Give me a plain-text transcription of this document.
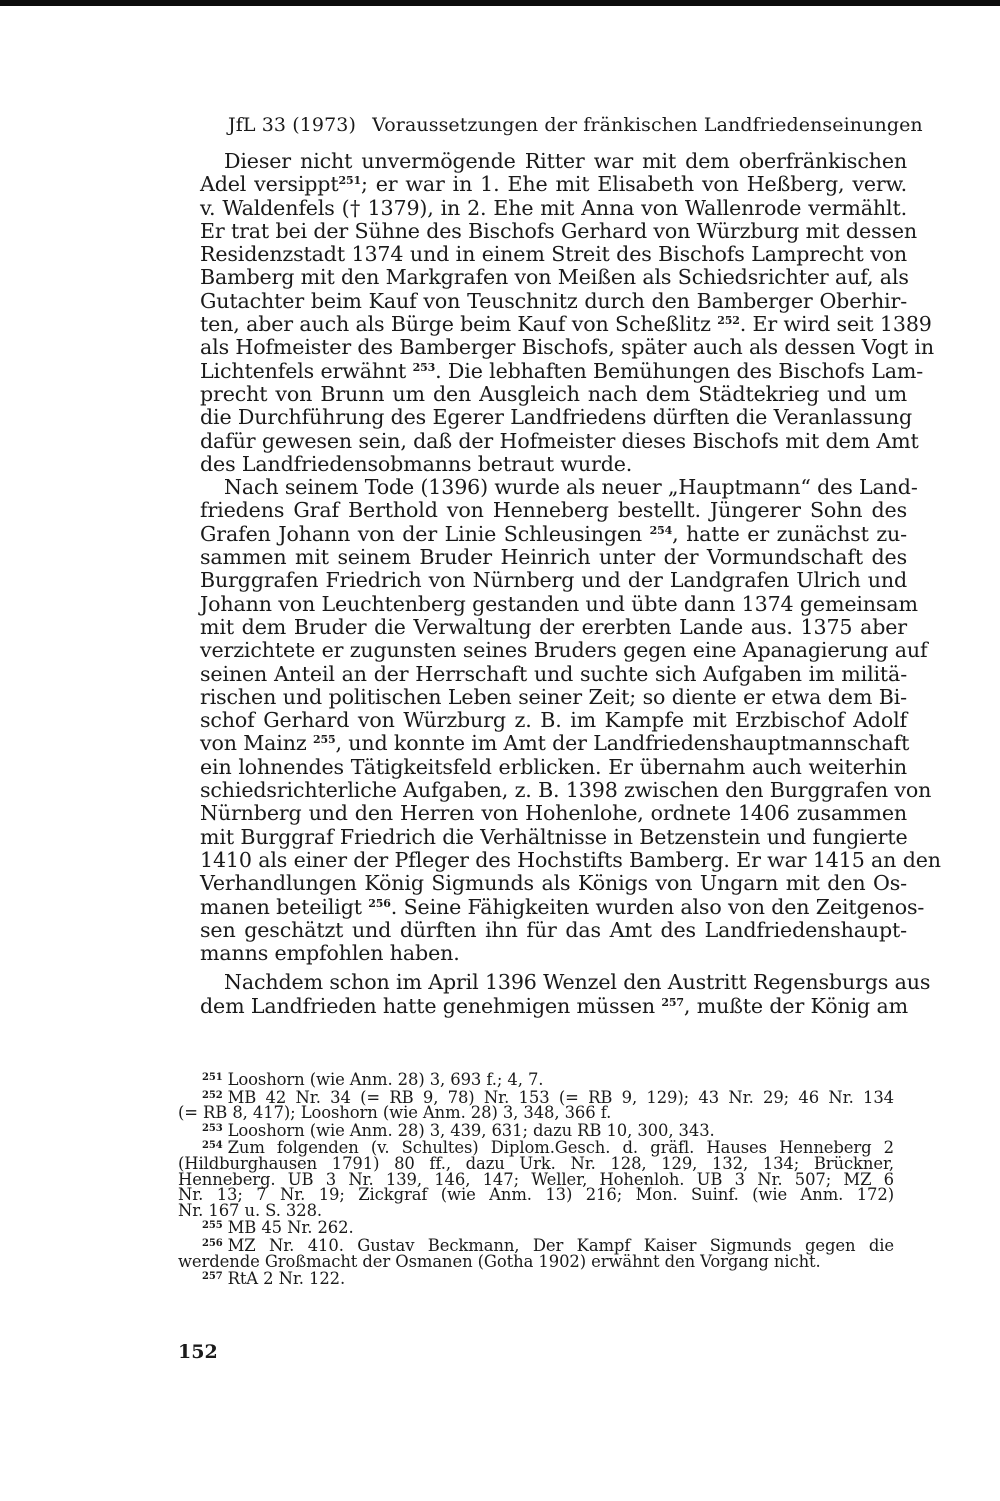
JfL 33 (1973) Voraussetzungen der fränkischen Landfriedenseinungen
Dieser nicht unvermögende Ritter war mit dem oberfränkischen
Adel versippt$^{251}$; er war in 1. Ehe mit Elisabeth von Heßberg, verw.
v. Waldenfels († 1379), in 2. Ehe mit Anna von Wallenrode vermählt.
Er trat bei der Sühne des Bischofs Gerhard von Würzburg mit dessen
Residenzstadt 1374 und in einem Streit des Bischofs Lamprecht von
Bamberg mit den Markgrafen von Meißen als Schiedsrichter auf, als
Gutachter beim Kauf von Teuschnitz durch den Bamberger Oberhir-
ten, aber auch als Bürge beim Kauf von Scheßlitz $^{252}$. Er wird seit 1389
als Hofmeister des Bamberger Bischofs, später auch als dessen Vogt in
Lichtenfels erwähnt $^{253}$. Die lebhaften Bemühungen des Bischofs Lam-
precht von Brunn um den Ausgleich nach dem Städtekrieg und um
die Durchführung des Egerer Landfriedens dürften die Veranlassung
dafür gewesen sein, daß der Hofmeister dieses Bischofs mit dem Amt
des Landfriedensobmanns betraut wurde.
Nach seinem Tode (1396) wurde als neuer „Hauptmann“ des Land-
friedens Graf Berthold von Henneberg bestellt. Jüngerer Sohn des
Grafen Johann von der Linie Schleusingen $^{254}$, hatte er zunächst zu-
sammen mit seinem Bruder Heinrich unter der Vormundschaft des
Burggrafen Friedrich von Nürnberg und der Landgrafen Ulrich und
Johann von Leuchtenberg gestanden und übte dann 1374 gemeinsam
mit dem Bruder die Verwaltung der ererbten Lande aus. 1375 aber
verzichtete er zugunsten seines Bruders gegen eine Apanagierung auf
seinen Anteil an der Herrschaft und suchte sich Aufgaben im militä-
rischen und politischen Leben seiner Zeit; so diente er etwa dem Bi-
schof Gerhard von Würzburg z. B. im Kampfe mit Erzbischof Adolf
von Mainz $^{255}$, und konnte im Amt der Landfriedenshauptmannschaft
ein lohnendes Tätigkeitsfeld erblicken. Er übernahm auch weiterhin
schiedsrichterliche Aufgaben, z. B. 1398 zwischen den Burggrafen von
Nürnberg und den Herren von Hohenlohe, ordnete 1406 zusammen
mit Burggraf Friedrich die Verhältnisse in Betzenstein und fungierte
1410 als einer der Pfleger des Hochstifts Bamberg. Er war 1415 an den
Verhandlungen König Sigmunds als Königs von Ungarn mit den Os-
manen beteiligt $^{256}$. Seine Fähigkeiten wurden also von den Zeitgenos-
sen geschätzt und dürften ihn für das Amt des Landfriedenshaupt-
manns empfohlen haben.
Nachdem schon im April 1396 Wenzel den Austritt Regensburgs aus
dem Landfrieden hatte genehmigen müssen $^{257}$, mußte der König am
$^{251}$ Looshorn (wie Anm. 28) 3, 693 f.; 4, 7.
$^{252}$ MB 42 Nr. 34 (= RB 9, 78) Nr. 153 (= RB 9, 129); 43 Nr. 29; 46 Nr. 134
(= RB 8, 417); Looshorn (wie Anm. 28) 3, 348, 366 f.
$^{253}$ Looshorn (wie Anm. 28) 3, 439, 631; dazu RB 10, 300, 343.
$^{254}$ Zum folgenden (v. Schultes) Diplom.Gesch. d. gräfl. Hauses Henneberg 2
(Hildburghausen 1791) 80 ff., dazu Urk. Nr. 128, 129, 132, 134; Brückner,
Henneberg. UB 3 Nr. 139, 146, 147; Weller, Hohenloh. UB 3 Nr. 507; MZ 6
Nr. 13; 7 Nr. 19; Zickgraf (wie Anm. 13) 216; Mon. Suinf. (wie Anm. 172)
Nr. 167 u. S. 328.
$^{255}$ MB 45 Nr. 262.
$^{256}$ MZ Nr. 410. Gustav Beckmann, Der Kampf Kaiser Sigmunds gegen die
werdende Großmacht der Osmanen (Gotha 1902) erwähnt den Vorgang nicht.
$^{257}$ RtA 2 Nr. 122.
152
